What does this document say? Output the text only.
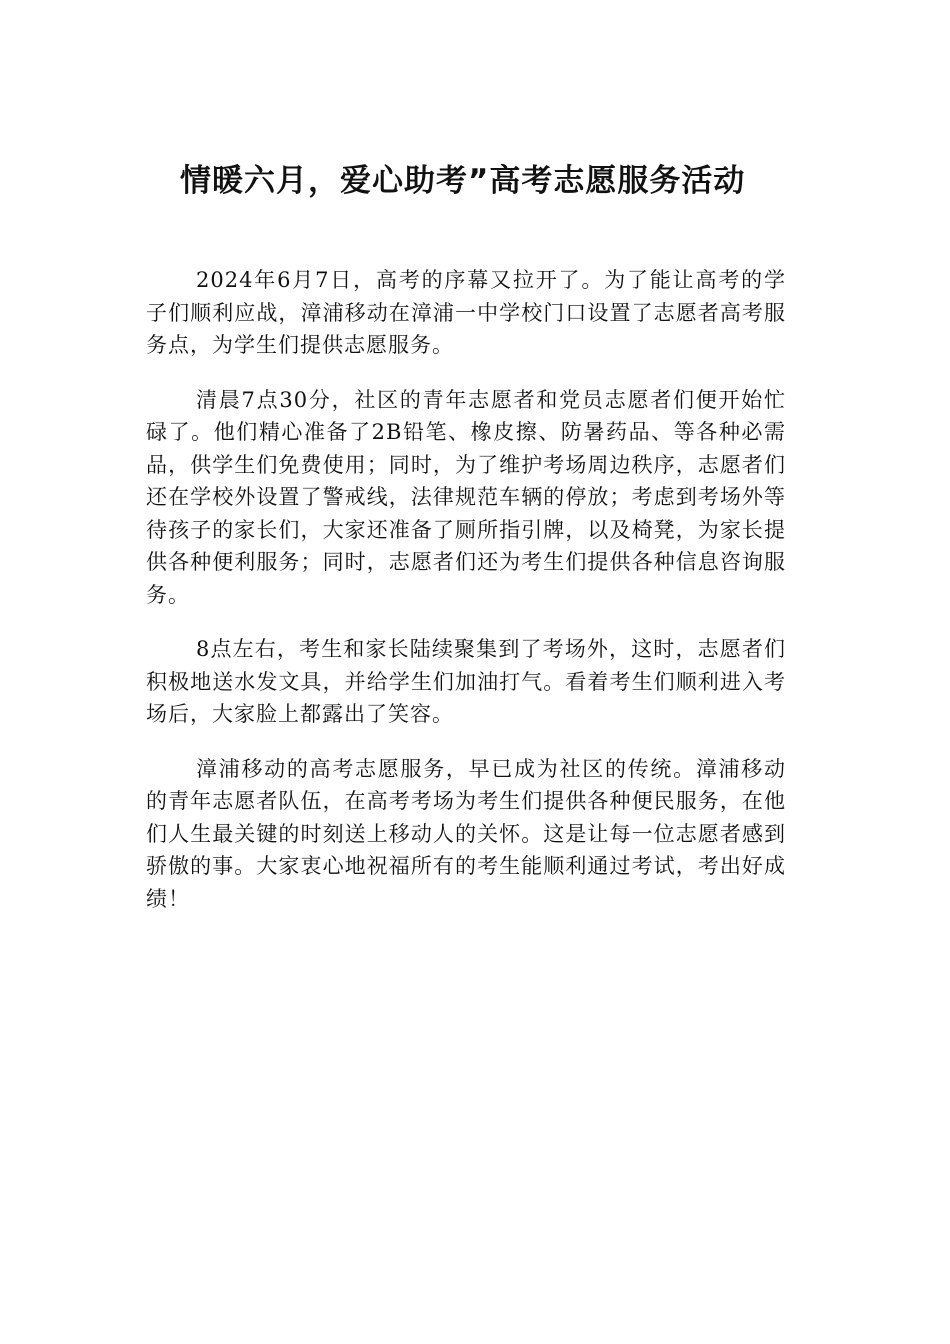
情暖六月，爱心助考”高考志愿服务活动

2024年6月7日，高考的序幕又拉开了。为了能让高考的学子们顺利应战，漳浦移动在漳浦一中学校门口设置了志愿者高考服务点，为学生们提供志愿服务。

清晨7点30分，社区的青年志愿者和党员志愿者们便开始忙碌了。他们精心准备了2B铅笔、橡皮擦、防暑药品、等各种必需品，供学生们免费使用；同时，为了维护考场周边秩序，志愿者们还在学校外设置了警戒线，法律规范车辆的停放；考虑到考场外等待孩子的家长们，大家还准备了厕所指引牌，以及椅凳，为家长提供各种便利服务；同时，志愿者们还为考生们提供各种信息咨询服务。

8点左右，考生和家长陆续聚集到了考场外，这时，志愿者们积极地送水发文具，并给学生们加油打气。看着考生们顺利进入考场后，大家脸上都露出了笑容。

漳浦移动的高考志愿服务，早已成为社区的传统。漳浦移动的青年志愿者队伍，在高考考场为考生们提供各种便民服务，在他们人生最关键的时刻送上移动人的关怀。这是让每一位志愿者感到骄傲的事。大家衷心地祝福所有的考生能顺利通过考试，考出好成绩！
